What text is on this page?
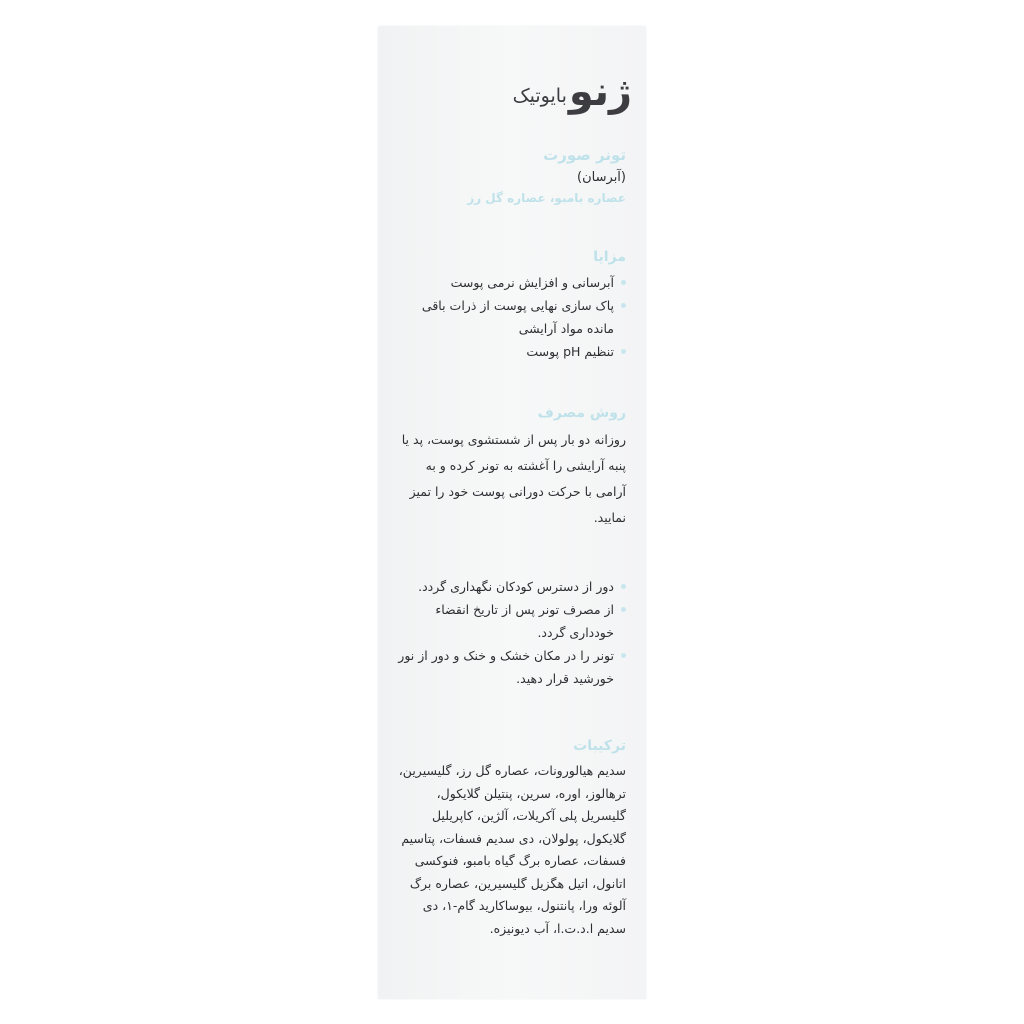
ژنو
بایوتیک
تونر صورت
(آبرسان)
عصاره بامبو، عصاره گل رز
مزایا
آبرسانی و افزایش نرمی پوست
پاک سازی نهایی پوست از ذرات باقی مانده مواد آرایشی
تنظیم pH پوست
روش مصرف
روزانه دو بار پس از شستشوی پوست، پد یا پنبه آرایشی را آغشته به تونر کرده و به آرامی با حرکت دورانی پوست خود را تمیز نمایید.
دور از دسترس کودکان نگهداری گردد.
از مصرف تونر پس از تاریخ انقضاء خودداری گردد.
تونر را در مکان خشک و خنک و دور از نور خورشید قرار دهید.
ترکیبات
سدیم هیالورونات، عصاره گل رز، گلیسیرین، ترهالوز، اوره، سرین، پنتیلن گلایکول، گلیسریل پلی آکریلات، آلژین، کاپریلیل گلایکول، پولولان، دی سدیم فسفات، پتاسیم فسفات، عصاره برگ گیاه بامبو، فنوکسی اتانول، اتیل هگزیل گلیسیرین، عصاره برگ آلوئه ورا، پانتنول، بیوساکارید گام-۱، دی سدیم ا.د.ت.ا، آب دیونیزه.
